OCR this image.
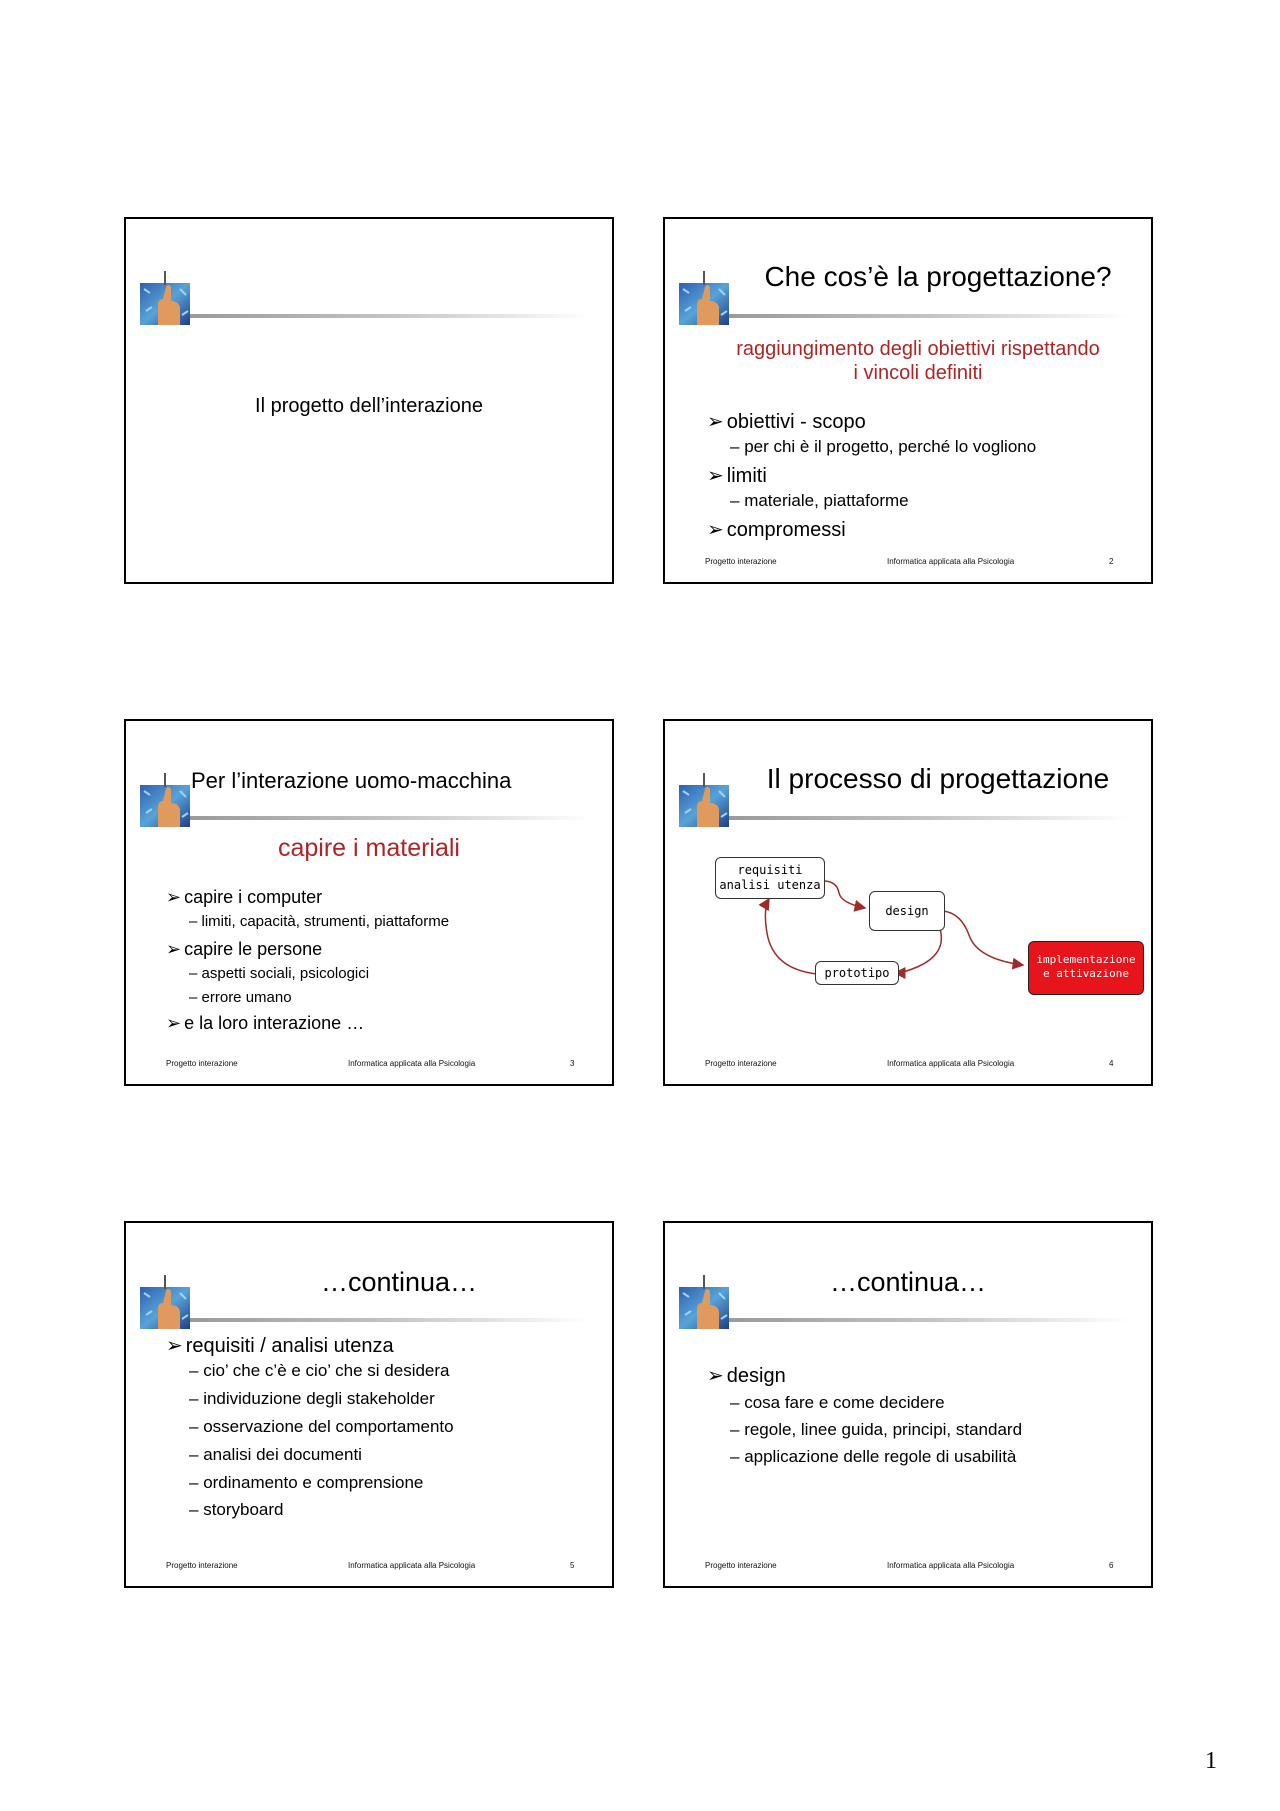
Il progetto dell’interazione
Che cos’è la progettazione?
raggiungimento degli obiettivi rispettando
i vincoli definiti
➢ obiettivi - scopo
– per chi è il progetto, perché lo vogliono
➢ limiti
– materiale, piattaforme
➢ compromessi
Progetto interazione	Informatica applicata alla Psicologia	2
Per l’interazione uomo-macchina
capire i materiali
➢ capire i computer
– limiti, capacità, strumenti, piattaforme
➢ capire le persone
– aspetti sociali, psicologici
– errore umano
➢ e la loro interazione …
Progetto interazione	Informatica applicata alla Psicologia	3
Il processo di progettazione
requisiti
analisi utenza
design
prototipo
implementazione
e attivazione
Progetto interazione	Informatica applicata alla Psicologia	4
…continua…
➢ requisiti / analisi utenza
– cio’ che c’è e cio’ che si desidera
– individuzione degli stakeholder
– osservazione del comportamento
– analisi dei documenti
– ordinamento e comprensione
– storyboard
Progetto interazione	Informatica applicata alla Psicologia	5
…continua…
➢ design
– cosa fare e come decidere
– regole, linee guida, principi, standard
– applicazione delle regole di usabilità
Progetto interazione	Informatica applicata alla Psicologia	6
1
